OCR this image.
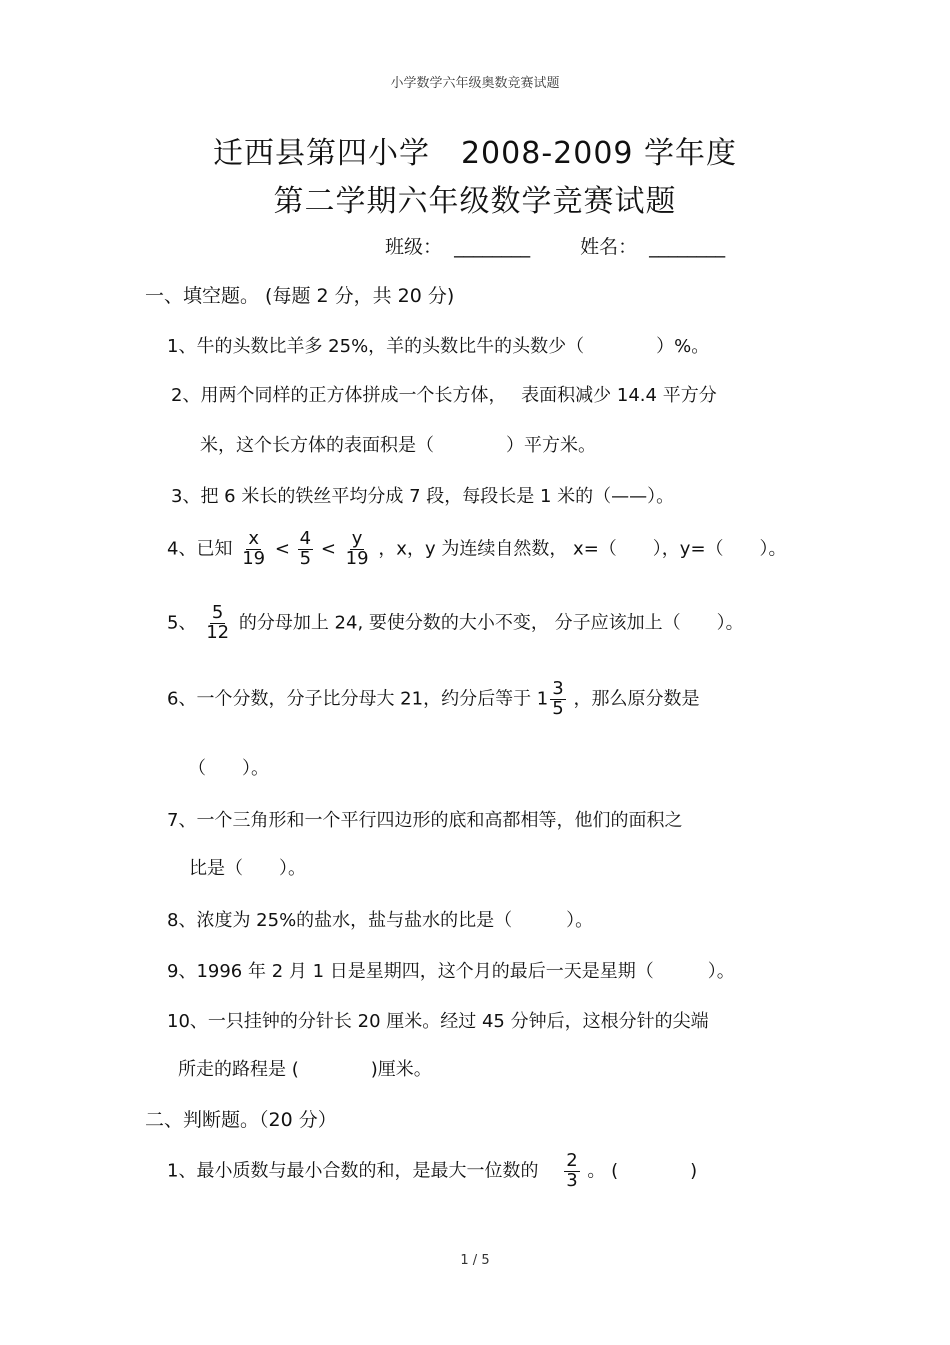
小学数学六年级奥数竞赛试题
迁西县第四小学　2008-2009 学年度
第二学期六年级数学竞赛试题
班级： ________	姓名： ________
一、填空题。 (每题 2 分，共 20 分)
1、牛的头数比羊多 25%，羊的头数比牛的头数少（　　　　）%。
2、用两个同样的正方体拼成一个长方体，　 表面积减少 14.4 平方分
米，这个长方体的表面积是（　　　　）平方米。
3、把 6 米长的铁丝平均分成 7 段，每段长是 1 米的（——）。
4、已知 $\frac{x}{19} < \frac{4}{5} < \frac{y}{19}$ ，x，y 为连续自然数， x=（　　），y=（　　）。
5、 $\frac{5}{12}$ 的分母加上 24, 要使分数的大小不变， 分子应该加上（　　）。
6、一个分数，分子比分母大 21，约分后等于 $1 \frac{3}{5}$ ，那么原分数是
（　　）。
7、一个三角形和一个平行四边形的底和高都相等，他们的面积之
比是（　　）。
8、浓度为 25%的盐水，盐与盐水的比是（　　　）。
9、1996 年 2 月 1 日是星期四，这个月的最后一天是星期（　　　）。
10、一只挂钟的分针长 20 厘米。经过 45 分钟后，这根分针的尖端
所走的路程是 (　　　　)厘米。
二、判断题。（20 分）
1、最小质数与最小合数的和，是最大一位数的 $\frac{2}{3}$ 。 (　　　　)
1 / 5
